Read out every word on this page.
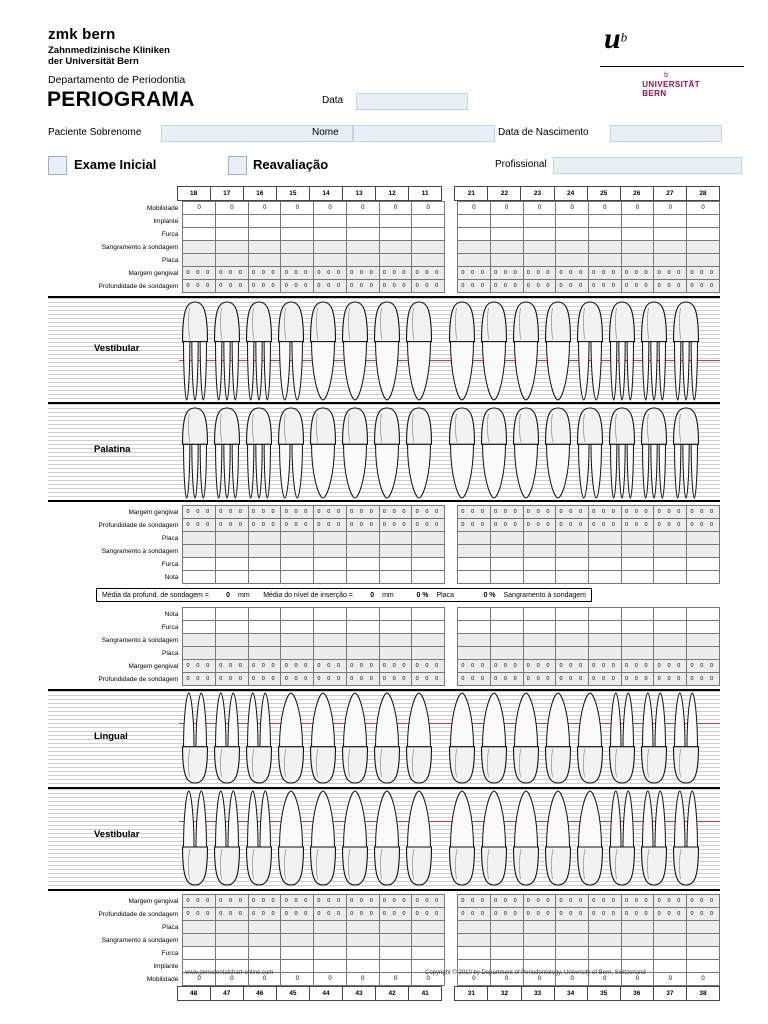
zmk bern
Zahnmedizinische Kliniken
der Universität Bern
Departamento de Periodontia
PERIOGRAMA
$u^b$
b
UNIVERSITÄT
BERN
Data
Paciente Sobrenome	Nome	Data de Nascimento
Exame Inicial	Reavaliação	Profissional
	18	17	16	15	14	13	12	11		21	22	23	24	25	26	27	28
Mobilidade	0	0	0	0	0	0	0	0		0	0	0	0	0	0	0	0
Implante																	
Furca																	
Sangramento à sondagem																	
Placa																	
Margem gengival	0 0 0	0 0 0	0 0 0	0 0 0	0 0 0	0 0 0	0 0 0	0 0 0		0 0 0	0 0 0	0 0 0	0 0 0	0 0 0	0 0 0	0 0 0	0 0 0
Profundidade de sondagem	0 0 0	0 0 0	0 0 0	0 0 0	0 0 0	0 0 0	0 0 0	0 0 0		0 0 0	0 0 0	0 0 0	0 0 0	0 0 0	0 0 0	0 0 0	0 0 0
Vestibular
Palatina
Margem gengival	0 0 0	0 0 0	0 0 0	0 0 0	0 0 0	0 0 0	0 0 0	0 0 0		0 0 0	0 0 0	0 0 0	0 0 0	0 0 0	0 0 0	0 0 0	0 0 0
Profundidade de sondagem	0 0 0	0 0 0	0 0 0	0 0 0	0 0 0	0 0 0	0 0 0	0 0 0		0 0 0	0 0 0	0 0 0	0 0 0	0 0 0	0 0 0	0 0 0	0 0 0
Placa																	
Sangramento à sondagem																	
Furca																	
Nota																	
Média da profund. de sondagem =	0	mm	Média do nível de inserção =	0	mm	0 %	Placa	0 %	Sangramento à sondagem
Nota																	
Furca																	
Sangramento à sondagem																	
Placa																	
Margem gengival	0 0 0	0 0 0	0 0 0	0 0 0	0 0 0	0 0 0	0 0 0	0 0 0		0 0 0	0 0 0	0 0 0	0 0 0	0 0 0	0 0 0	0 0 0	0 0 0
Profundidade de sondagem	0 0 0	0 0 0	0 0 0	0 0 0	0 0 0	0 0 0	0 0 0	0 0 0		0 0 0	0 0 0	0 0 0	0 0 0	0 0 0	0 0 0	0 0 0	0 0 0
Lingual
Vestibular
Margem gengival	0 0 0	0 0 0	0 0 0	0 0 0	0 0 0	0 0 0	0 0 0	0 0 0		0 0 0	0 0 0	0 0 0	0 0 0	0 0 0	0 0 0	0 0 0	0 0 0
Profundidade de sondagem	0 0 0	0 0 0	0 0 0	0 0 0	0 0 0	0 0 0	0 0 0	0 0 0		0 0 0	0 0 0	0 0 0	0 0 0	0 0 0	0 0 0	0 0 0	0 0 0
Placa																	
Sangramento à sondagem																	
Furca																	
Implante																	
Mobilidade	0	0	0	0	0	0	0	0		0	0	0	0	0	0	0	0
	48	47	46	45	44	43	42	41		31	32	33	34	35	36	37	38
www.periodontalchart-online.com	Copyright © 2010 by Department of Periodontology, University of Bern, Switzerland
